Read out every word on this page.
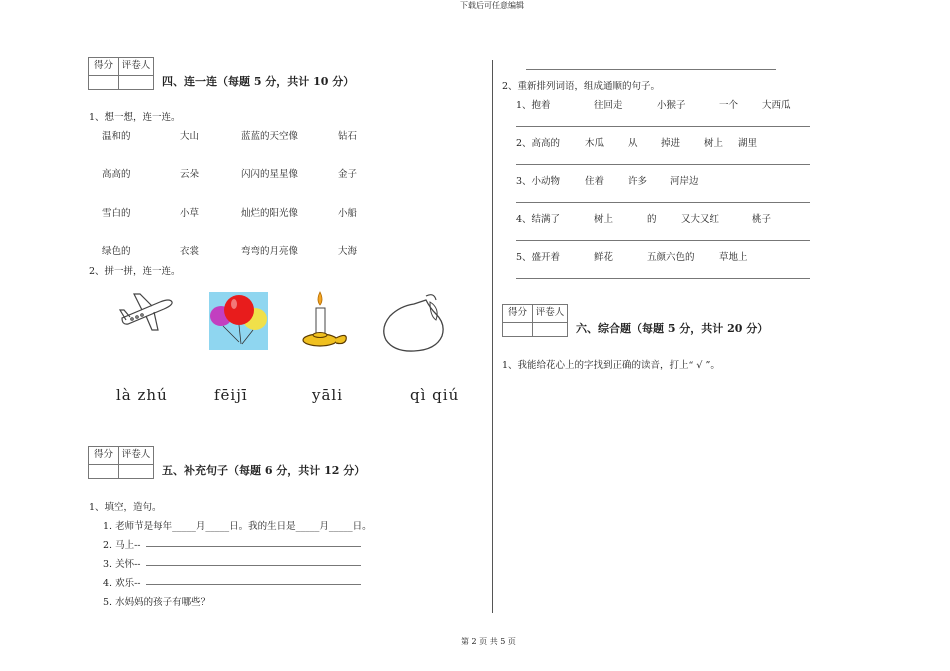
下载后可任意编辑
第 2 页 共 5 页
得分 评卷人
四、连一连（每题 5 分，共计 10 分）
1、想一想，连一连。
温和的	大山	蓝蓝的天空像	钻石
高高的	云朵	闪闪的星星像	金子
雪白的	小草	灿烂的阳光像	小船
绿色的	衣裳	弯弯的月亮像	大海
2、拼一拼，连一连。
là zhú	fēijī	yāli	qì qiú
得分 评卷人
五、补充句子（每题 6 分，共计 12 分）
1、填空，造句。
1. 老师节是每年_____月_____日。我的生日是_____月_____日。
2. 马上--
3. 关怀--
4. 欢乐--
5. 水妈妈的孩子有哪些？
2、重新排列词语，组成通顺的句子。
1、抱着	往回走	小猴子	一个	大西瓜
2、高高的	木瓜	从 掉进	树上 湖里
3、小动物	住着	许多 河岸边
4、结满了	树上	的	又大又红	桃子
5、盛开着	鲜花	五颜六色的	草地上
得分 评卷人
六、综合题（每题 5 分，共计 20 分）
1、我能给花心上的字找到正确的读音，打上“ √ ”。
